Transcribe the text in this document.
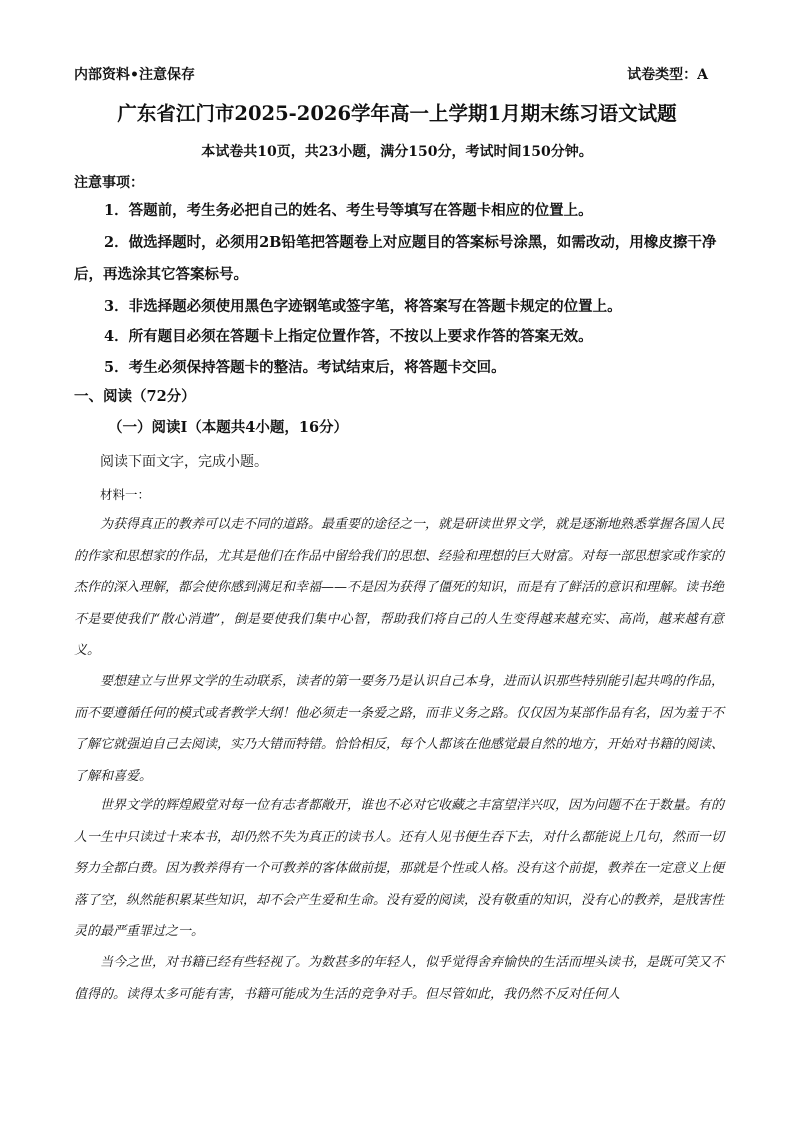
内部资料•注意保存	试卷类型：A
广东省江门市2025-2026学年高一上学期1月期末练习语文试题
本试卷共10页，共23小题，满分150分，考试时间150分钟。
注意事项：
1．答题前，考生务必把自己的姓名、考生号等填写在答题卡相应的位置上。
2．做选择题时，必须用2B铅笔把答题卷上对应题目的答案标号涂黑，如需改动，用橡皮擦干净后，再选涂其它答案标号。
3．非选择题必须使用黑色字迹钢笔或签字笔，将答案写在答题卡规定的位置上。
4．所有题目必须在答题卡上指定位置作答，不按以上要求作答的答案无效。
5．考生必须保持答题卡的整洁。考试结束后，将答题卡交回。
一、阅读（72分）
（一）阅读Ⅰ（本题共4小题，16分）
阅读下面文字，完成小题。
材料一：
为获得真正的教养可以走不同的道路。最重要的途径之一，就是研读世界文学，就是逐渐地熟悉掌握各国人民的作家和思想家的作品，尤其是他们在作品中留给我们的思想、经验和理想的巨大财富。对每一部思想家或作家的杰作的深入理解，都会使你感到满足和幸福——不是因为获得了僵死的知识，而是有了鲜活的意识和理解。读书绝不是要使我们“散心消遣”，倒是要使我们集中心智，帮助我们将自己的人生变得越来越充实、高尚，越来越有意义。
要想建立与世界文学的生动联系，读者的第一要务乃是认识自己本身，进而认识那些特别能引起共鸣的作品，而不要遵循任何的模式或者教学大纲！他必须走一条爱之路，而非义务之路。仅仅因为某部作品有名，因为羞于不了解它就强迫自己去阅读，实乃大错而特错。恰恰相反，每个人都该在他感觉最自然的地方，开始对书籍的阅读、了解和喜爱。
世界文学的辉煌殿堂对每一位有志者都敞开，谁也不必对它收藏之丰富望洋兴叹，因为问题不在于数量。有的人一生中只读过十来本书，却仍然不失为真正的读书人。还有人见书便生吞下去，对什么都能说上几句，然而一切努力全都白费。因为教养得有一个可教养的客体做前提，那就是个性或人格。没有这个前提，教养在一定意义上便落了空，纵然能积累某些知识，却不会产生爱和生命。没有爱的阅读，没有敬重的知识，没有心的教养，是戕害性灵的最严重罪过之一。
当今之世，对书籍已经有些轻视了。为数甚多的年轻人，似乎觉得舍弃愉快的生活而埋头读书，是既可笑又不值得的。读得太多可能有害，书籍可能成为生活的竞争对手。但尽管如此，我仍然不反对任何人
